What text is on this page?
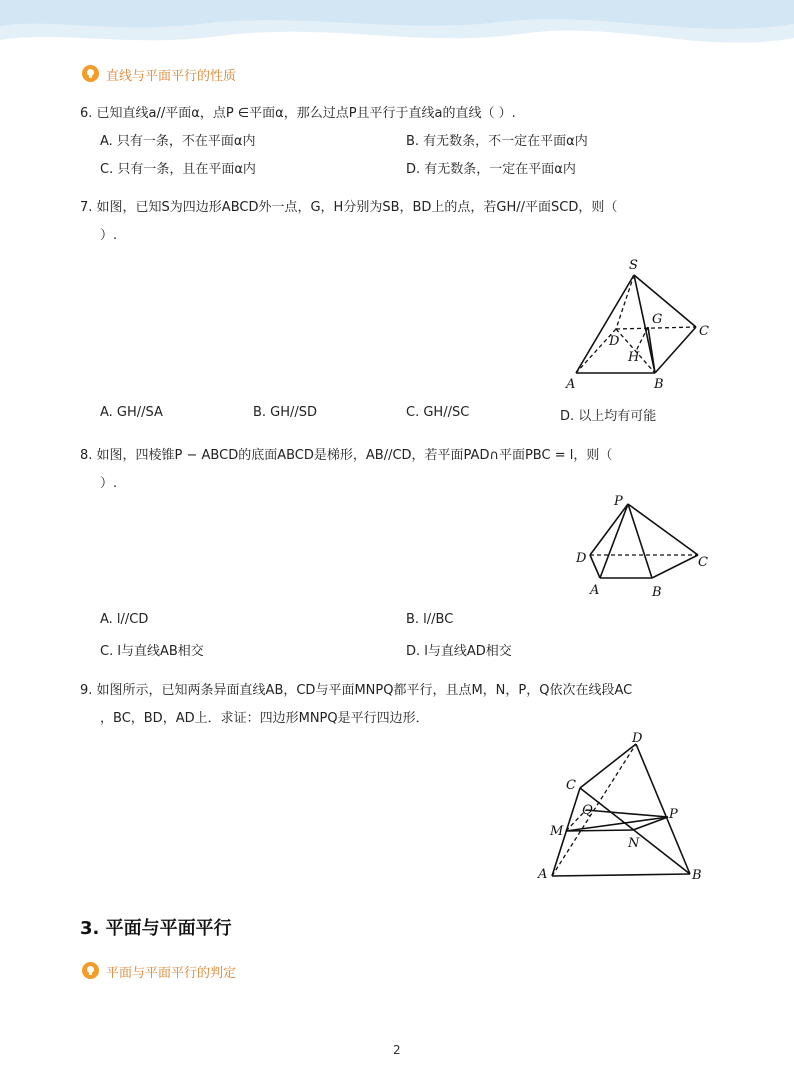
直线与平面平行的性质
6. 已知直线a//平面α，点P ∈平面α，那么过点P且平行于直线a的直线（ ）.
A. 只有一条，不在平面α内	B. 有无数条，不一定在平面α内
C. 只有一条，且在平面α内	D. 有无数条，一定在平面α内
7. 如图，已知S为四边形ABCD外一点，G，H分别为SB，BD上的点，若GH//平面SCD，则（
）.
S
G
C
D
H
A	B
A. GH//SA	B. GH//SD	C. GH//SC	D. 以上均有可能
8. 如图，四棱锥P − ABCD的底面ABCD是梯形，AB//CD，若平面PAD∩平面PBC = l，则（
）.
P
D	C
A	B
A. l//CD	B. l//BC
C. l与直线AB相交	D. l与直线AD相交
9. 如图所示，已知两条异面直线AB，CD与平面MNPQ都平行，且点M，N，P，Q依次在线段AC
，BC，BD，AD上．求证：四边形MNPQ是平行四边形．
D
C
Q	P
M
N
A	B
3. 平面与平面平行
平面与平面平行的判定
2
